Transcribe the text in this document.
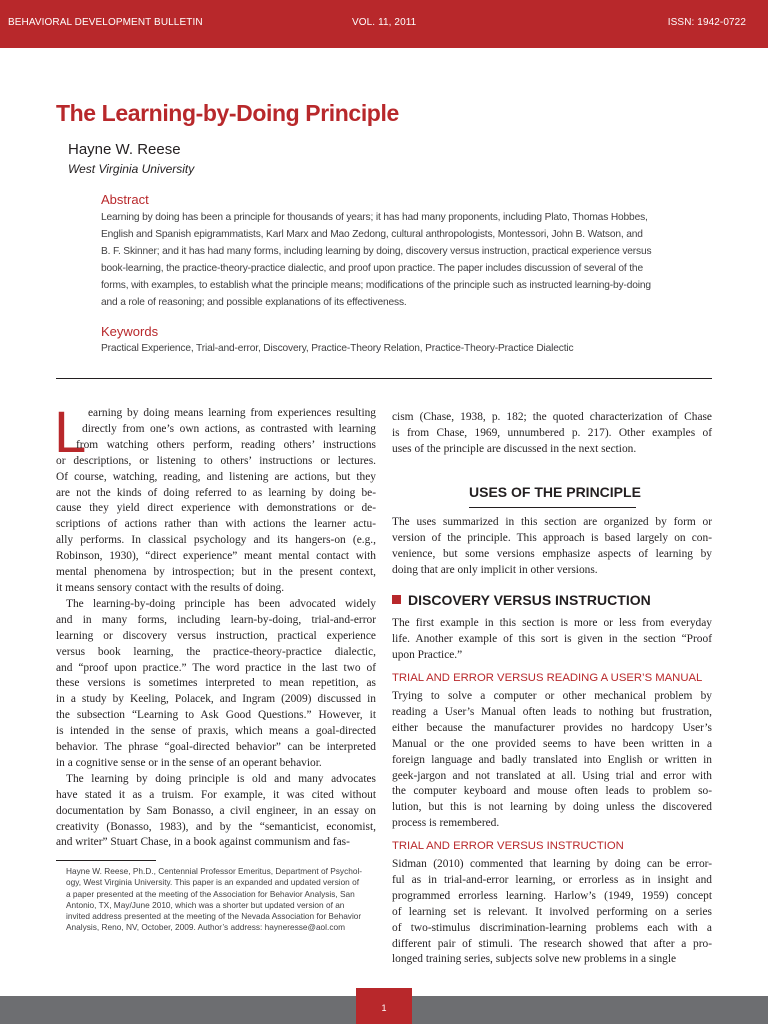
BEHAVIORAL DEVELOPMENT BULLETIN	VOL. 11, 2011	ISSN: 1942-0722
The Learning-by-Doing Principle
Hayne W. Reese
West Virginia University
Abstract
Learning by doing has been a principle for thousands of years; it has had many proponents, including Plato, Thomas Hobbes,
English and Spanish epigrammatists, Karl Marx and Mao Zedong, cultural anthropologists, Montessori, John B. Watson, and
B. F. Skinner; and it has had many forms, including learning by doing, discovery versus instruction, practical experience versus
book-learning, the practice-theory-practice dialectic, and proof upon practice. The paper includes discussion of several of the
forms, with examples, to establish what the principle means; modifications of the principle such as instructed learning-by-doing
and a role of reasoning; and possible explanations of its effectiveness.
Keywords
Practical Experience, Trial-and-error, Discovery, Practice-Theory Relation, Practice-Theory-Practice Dialectic
L earning by doing means learning from experiences resulting
directly from one’s own actions, as contrasted with learning
from watching others perform, reading others’ instructions
or descriptions, or listening to others’ instructions or lectures.
Of course, watching, reading, and listening are actions, but they
are not the kinds of doing referred to as learning by doing be-
cause they yield direct experience with demonstrations or de-
scriptions of actions rather than with actions the learner actu-
ally performs. In classical psychology and its hangers-on (e.g.,
Robinson, 1930), “direct experience” meant mental contact with
mental phenomena by introspection; but in the present context,
it means sensory contact with the results of doing.
The learning-by-doing principle has been advocated widely
and in many forms, including learn-by-doing, trial-and-error
learning or discovery versus instruction, practical experience
versus book learning, the practice-theory-practice dialectic,
and “proof upon practice.” The word practice in the last two of
these versions is sometimes interpreted to mean repetition, as
in a study by Keeling, Polacek, and Ingram (2009) discussed in
the subsection “Learning to Ask Good Questions.” However, it
is intended in the sense of praxis, which means a goal-directed
behavior. The phrase “goal-directed behavior” can be interpreted
in a cognitive sense or in the sense of an operant behavior.
The learning by doing principle is old and many advocates
have stated it as a truism. For example, it was cited without
documentation by Sam Bonasso, a civil engineer, in an essay on
creativity (Bonasso, 1983), and by the “semanticist, economist,
and writer” Stuart Chase, in a book against communism and fas-
Hayne W. Reese, Ph.D., Centennial Professor Emeritus, Department of Psychol-
ogy, West Virginia University. This paper is an expanded and updated version of
a paper presented at the meeting of the Association for Behavior Analysis, San
Antonio, TX, May/June 2010, which was a shorter but updated version of an
invited address presented at the meeting of the Nevada Association for Behavior
Analysis, Reno, NV, October, 2009. Author’s address: hayneresse@aol.com
cism (Chase, 1938, p. 182; the quoted characterization of Chase
is from Chase, 1969, unnumbered p. 217). Other examples of
uses of the principle are discussed in the next section.
USES OF THE PRINCIPLE
The uses summarized in this section are organized by form or
version of the principle. This approach is based largely on con-
venience, but some versions emphasize aspects of learning by
doing that are only implicit in other versions.
DISCOVERY VERSUS INSTRUCTION
The first example in this section is more or less from everyday
life. Another example of this sort is given in the section “Proof
upon Practice.”
TRIAL AND ERROR VERSUS READING A USER’S MANUAL
Trying to solve a computer or other mechanical problem by
reading a User’s Manual often leads to nothing but frustration,
either because the manufacturer provides no hardcopy User’s
Manual or the one provided seems to have been written in a
foreign language and badly translated into English or written in
geek-jargon and not translated at all. Using trial and error with
the computer keyboard and mouse often leads to problem so-
lution, but this is not learning by doing unless the discovered
process is remembered.
TRIAL AND ERROR VERSUS INSTRUCTION
Sidman (2010) commented that learning by doing can be error-
ful as in trial-and-error learning, or errorless as in insight and
programmed errorless learning. Harlow’s (1949, 1959) concept
of learning set is relevant. It involved performing on a series
of two-stimulus discrimination-learning problems each with a
different pair of stimuli. The research showed that after a pro-
longed training series, subjects solve new problems in a single
1
